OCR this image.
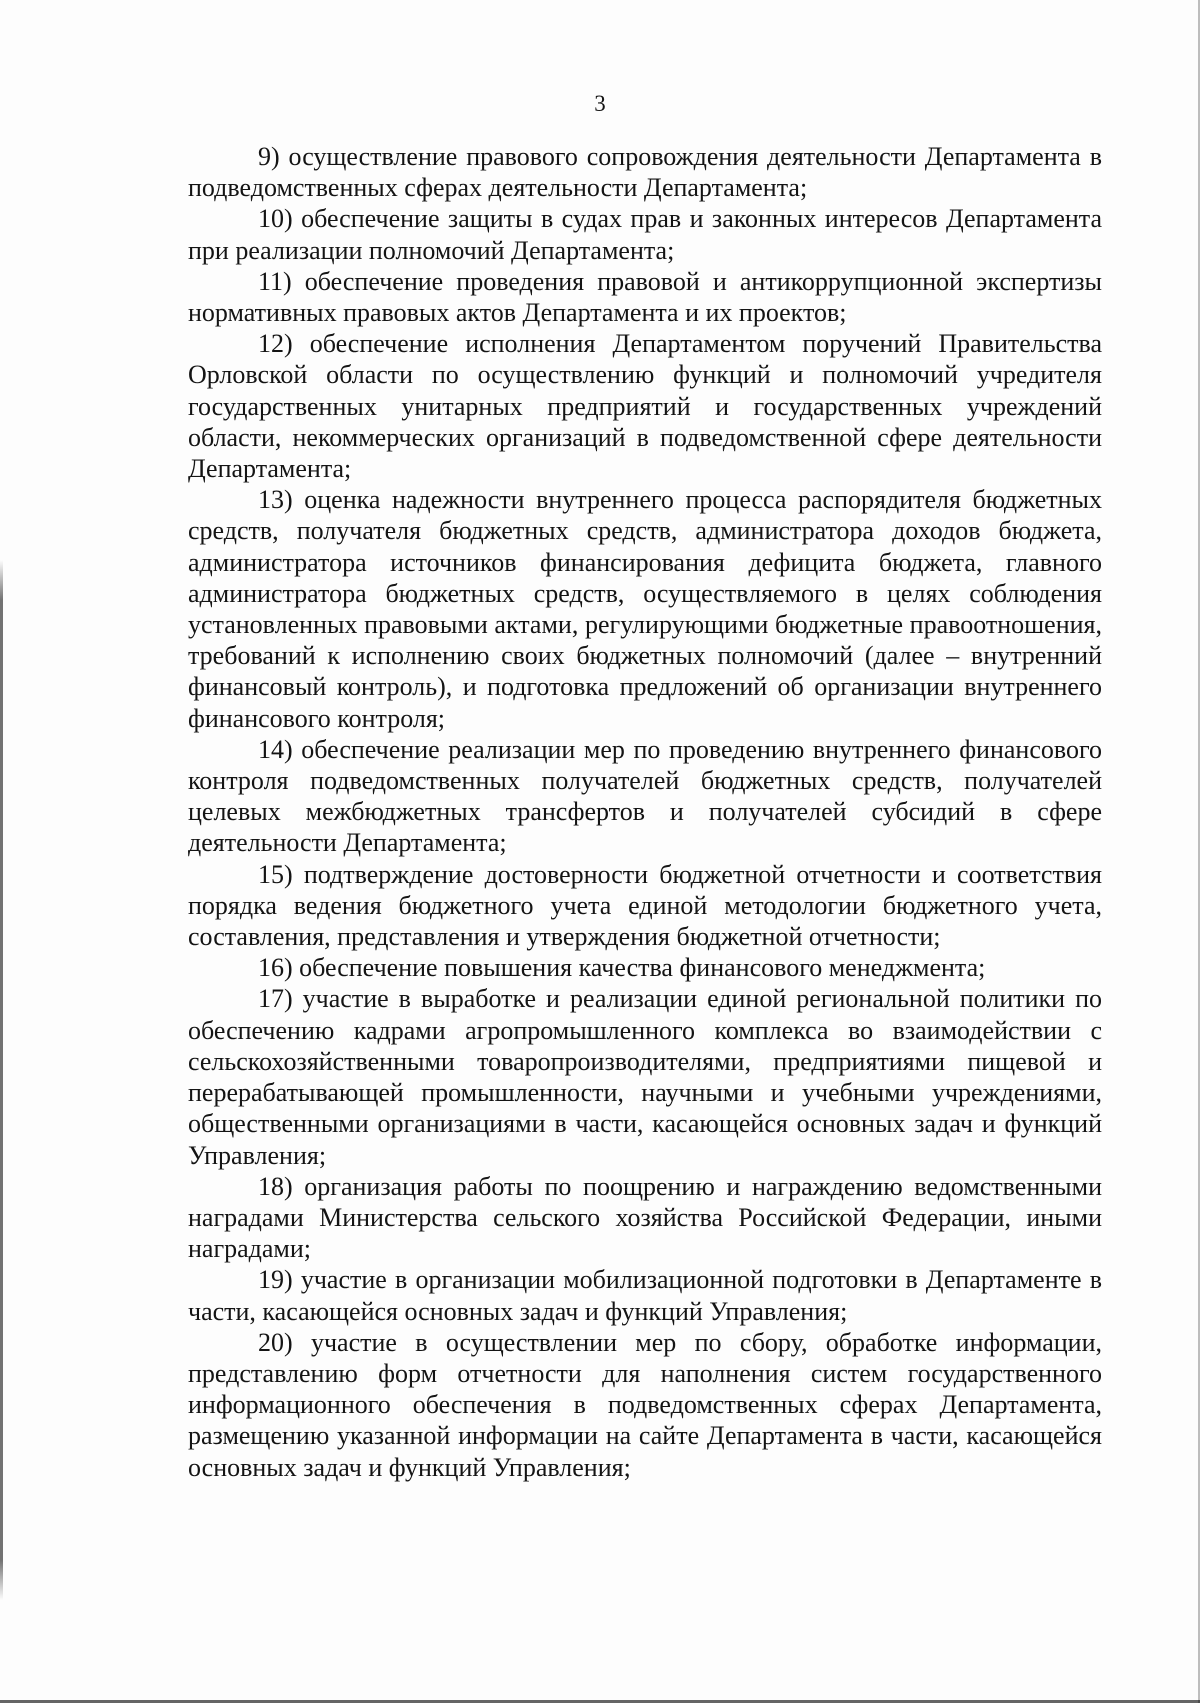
3

9) осуществление правового сопровождения деятельности Департамента в подведомственных сферах деятельности Департамента;

10) обеспечение защиты в судах прав и законных интересов Департамента при реализации полномочий Департамента;

11) обеспечение проведения правовой и антикоррупционной экспертизы нормативных правовых актов Департамента и их проектов;

12) обеспечение исполнения Департаментом поручений Правительства Орловской области по осуществлению функций и полномочий учредителя государственных унитарных предприятий и государственных учреждений области, некоммерческих организаций в подведомственной сфере деятельности Департамента;

13) оценка надежности внутреннего процесса распорядителя бюджетных средств, получателя бюджетных средств, администратора доходов бюджета, администратора источников финансирования дефицита бюджета, главного администратора бюджетных средств, осуществляемого в целях соблюдения установленных правовыми актами, регулирующими бюджетные правоотношения, требований к исполнению своих бюджетных полномочий (далее – внутренний финансовый контроль), и подготовка предложений об организации внутреннего финансового контроля;

14) обеспечение реализации мер по проведению внутреннего финансового контроля подведомственных получателей бюджетных средств, получателей целевых межбюджетных трансфертов и получателей субсидий в сфере деятельности Департамента;

15) подтверждение достоверности бюджетной отчетности и соответствия порядка ведения бюджетного учета единой методологии бюджетного учета, составления, представления и утверждения бюджетной отчетности;

16) обеспечение повышения качества финансового менеджмента;

17) участие в выработке и реализации единой региональной политики по обеспечению кадрами агропромышленного комплекса во взаимодействии с сельскохозяйственными товаропроизводителями, предприятиями пищевой и перерабатывающей промышленности, научными и учебными учреждениями, общественными организациями в части, касающейся основных задач и функций Управления;

18) организация работы по поощрению и награждению ведомственными наградами Министерства сельского хозяйства Российской Федерации, иными наградами;

19) участие в организации мобилизационной подготовки в Департаменте в части, касающейся основных задач и функций Управления;

20) участие в осуществлении мер по сбору, обработке информации, представлению форм отчетности для наполнения систем государственного информационного обеспечения в подведомственных сферах Департамента, размещению указанной информации на сайте Департамента в части, касающейся основных задач и функций Управления;
